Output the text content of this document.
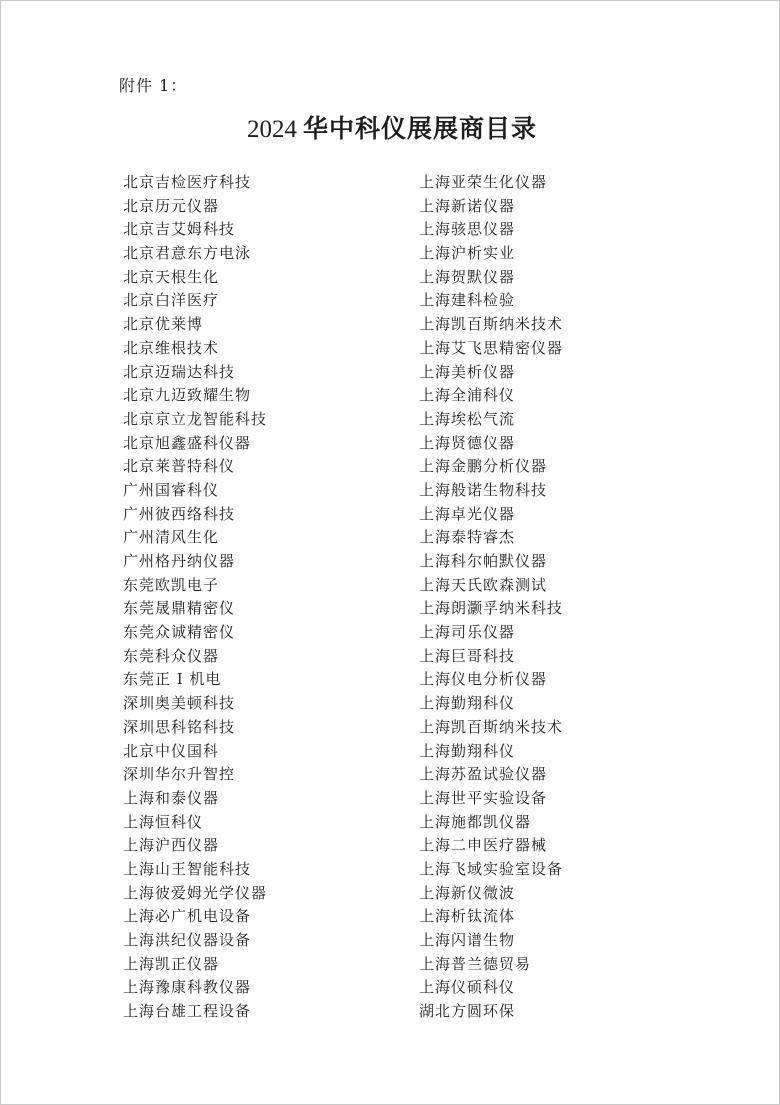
附件 1：
2024 华中科仪展展商目录
北京吉检医疗科技
北京历元仪器
北京吉艾姆科技
北京君意东方电泳
北京天根生化
北京白洋医疗
北京优莱博
北京维根技术
北京迈瑞达科技
北京九迈致耀生物
北京京立龙智能科技
北京旭鑫盛科仪器
北京莱普特科仪
广州国睿科仪
广州彼西络科技
广州清风生化
广州格丹纳仪器
东莞欧凯电子
东莞晟鼎精密仪
东莞众诚精密仪
东莞科众仪器
东莞正 I 机电
深圳奥美顿科技
深圳思科铭科技
北京中仪国科
深圳华尔升智控
上海和泰仪器
上海恒科仪
上海沪西仪器
上海山王智能科技
上海彼爱姆光学仪器
上海必广机电设备
上海洪纪仪器设备
上海凯正仪器
上海豫康科教仪器
上海台雄工程设备
上海亚荣生化仪器
上海新诺仪器
上海骇思仪器
上海沪析实业
上海贺默仪器
上海建科检验
上海凯百斯纳米技术
上海艾飞思精密仪器
上海美析仪器
上海全浦科仪
上海埃松气流
上海贤德仪器
上海金鹏分析仪器
上海般诺生物科技
上海卓光仪器
上海泰特睿杰
上海科尔帕默仪器
上海天氏欧森测试
上海朗灏孚纳米科技
上海司乐仪器
上海巨哥科技
上海仪电分析仪器
上海勤翔科仪
上海凯百斯纳米技术
上海勤翔科仪
上海苏盈试验仪器
上海世平实验设备
上海施都凯仪器
上海二申医疗器械
上海飞域实验室设备
上海新仪微波
上海析钛流体
上海闪谱生物
上海普兰德贸易
上海仪硕科仪
湖北方圆环保
